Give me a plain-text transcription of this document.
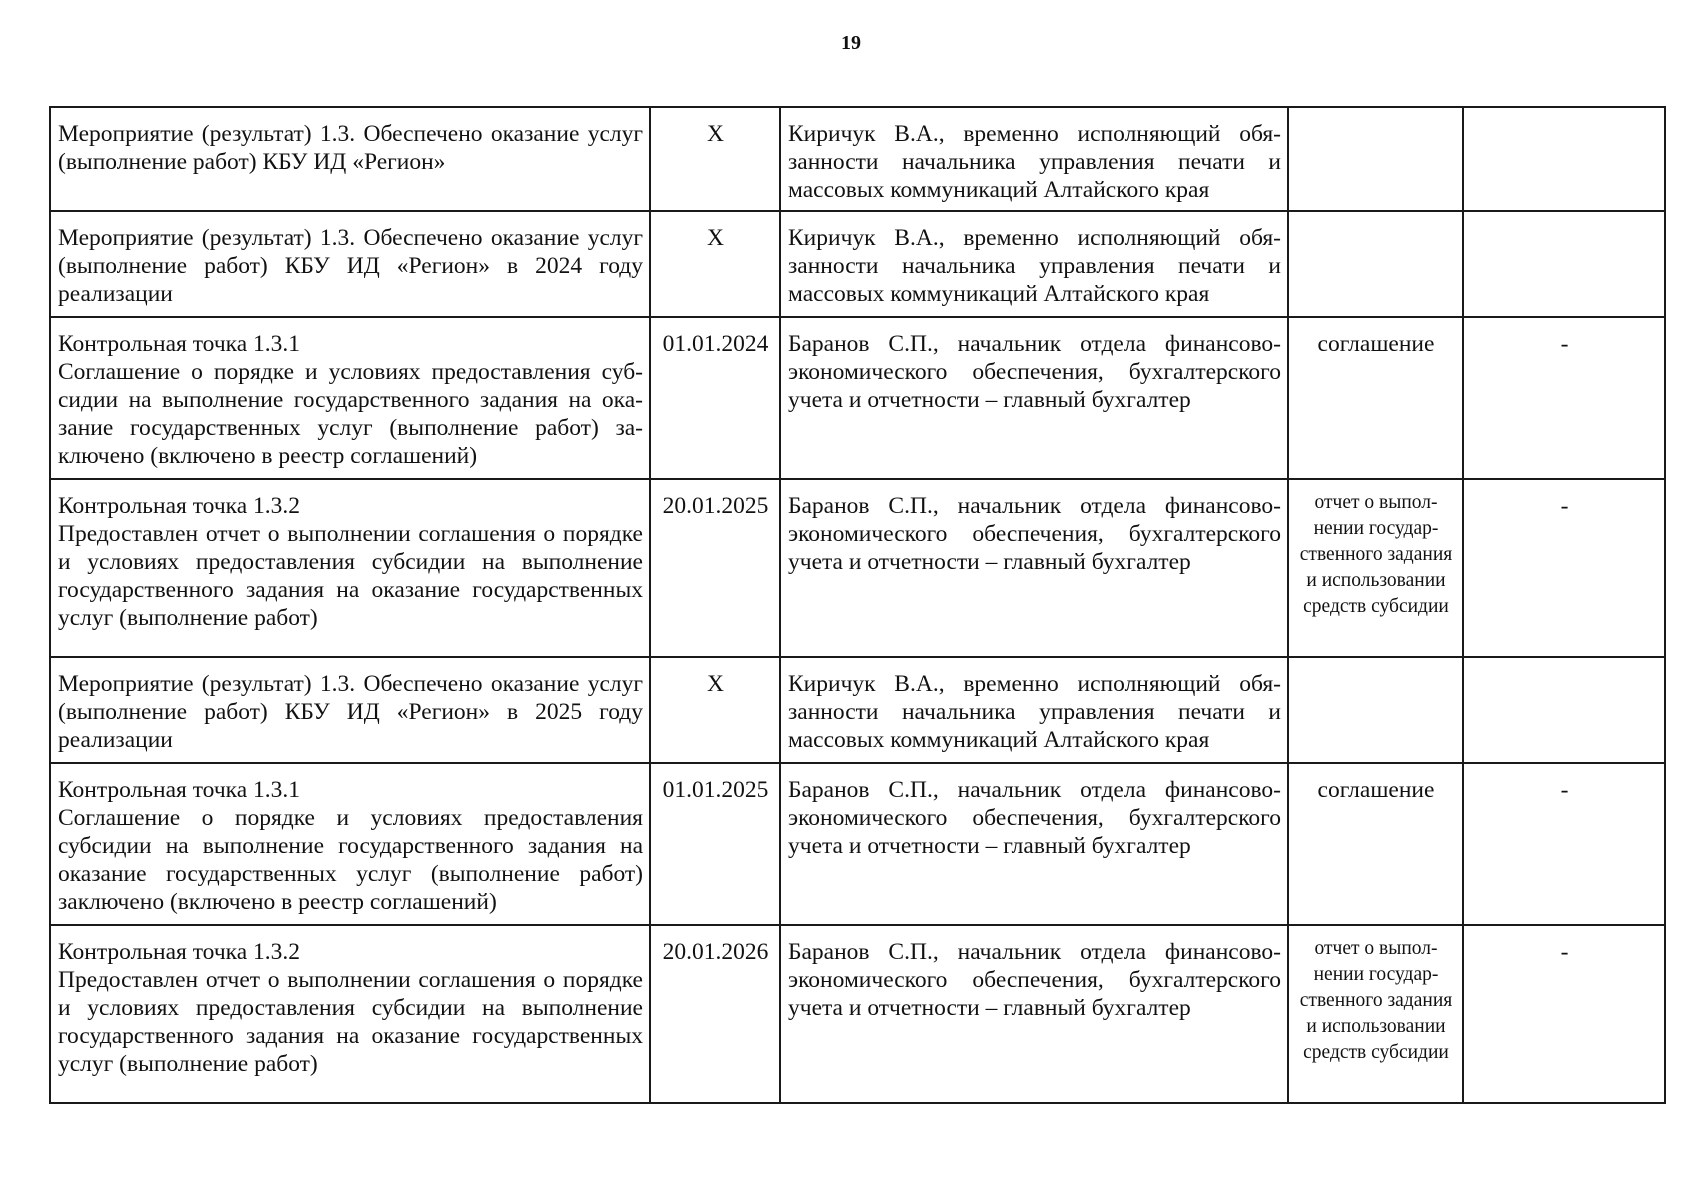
19
Мероприятие (результат) 1.3. Обеспечено оказание услуг (выполнение работ) КБУ ИД «Регион»	Х	Киричук В.А., временно исполняющий обязанности начальника управления печати и массовых коммуникаций Алтайского края		

Мероприятие (результат) 1.3. Обеспечено оказание услуг (выполнение работ) КБУ ИД «Регион» в 2024 году реализации	Х	Киричук В.А., временно исполняющий обязанности начальника управления печати и массовых коммуникаций Алтайского края		

Контрольная точка 1.3.1
Соглашение о порядке и условиях предоставления субсидии на выполнение государственного задания на оказание государственных услуг (выполнение работ) заключено (включено в реестр соглашений)	01.01.2024	Баранов С.П., начальник отдела финансово-экономического обеспечения, бухгалтерского учета и отчетности – главный бухгалтер	соглашение	-

Контрольная точка 1.3.2
Предоставлен отчет о выполнении соглашения о порядке и условиях предоставления субсидии на выполнение государственного задания на оказание государственных услуг (выполнение работ)	20.01.2025	Баранов С.П., начальник отдела финансово-экономического обеспечения, бухгалтерского учета и отчетности – главный бухгалтер	отчет о выполнении государственного задания и использовании средств субсидии	-

Мероприятие (результат) 1.3. Обеспечено оказание услуг (выполнение работ) КБУ ИД «Регион» в 2025 году реализации	Х	Киричук В.А., временно исполняющий обязанности начальника управления печати и массовых коммуникаций Алтайского края		

Контрольная точка 1.3.1
Соглашение о порядке и условиях предоставления субсидии на выполнение государственного задания на оказание государственных услуг (выполнение работ) заключено (включено в реестр соглашений)	01.01.2025	Баранов С.П., начальник отдела финансово-экономического обеспечения, бухгалтерского учета и отчетности – главный бухгалтер	соглашение	-

Контрольная точка 1.3.2
Предоставлен отчет о выполнении соглашения о порядке и условиях предоставления субсидии на выполнение государственного задания на оказание государственных услуг (выполнение работ)	20.01.2026	Баранов С.П., начальник отдела финансово-экономического обеспечения, бухгалтерского учета и отчетности – главный бухгалтер	отчет о выполнении государственного задания и использовании средств субсидии	-
